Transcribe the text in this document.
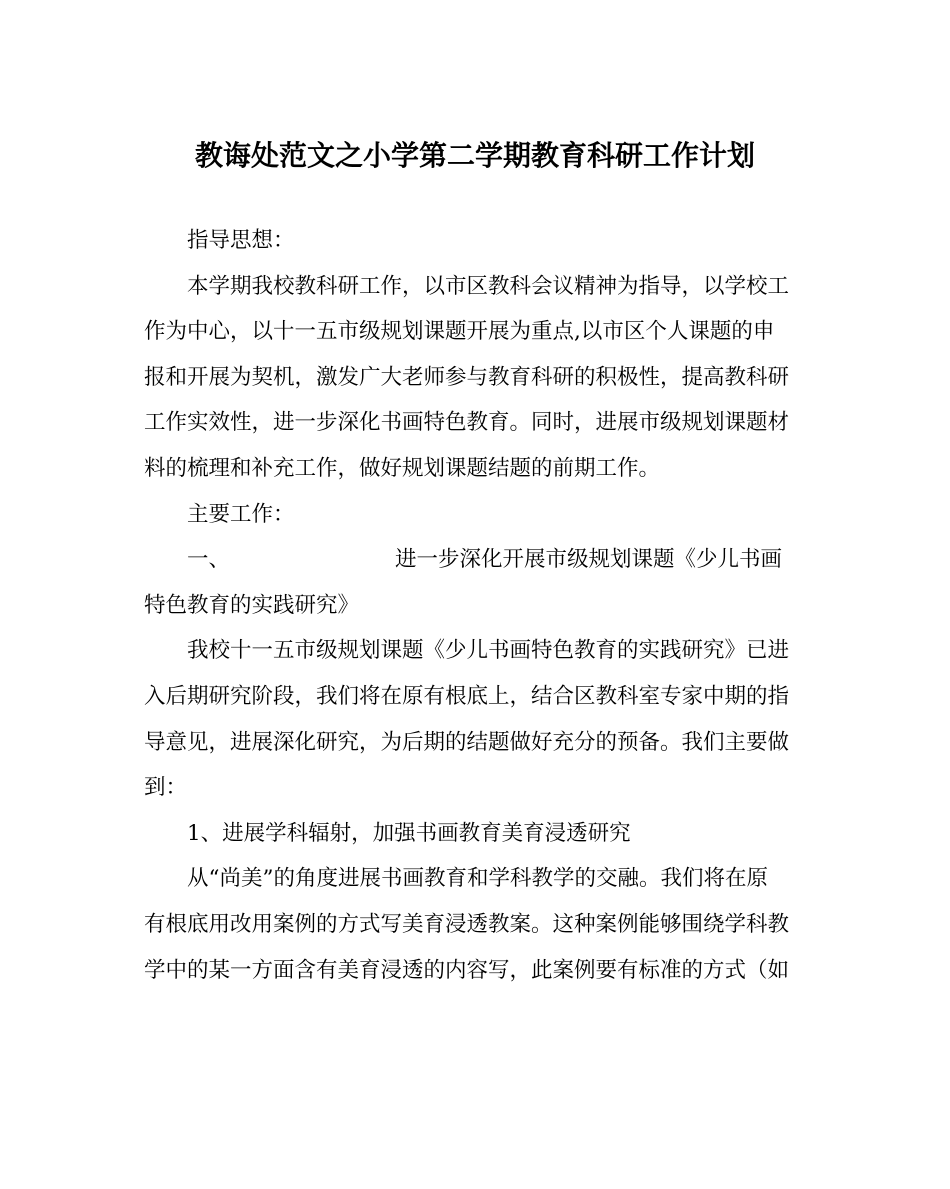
教诲处范文之小学第二学期教育科研工作计划
指导思想：
本学期我校教科研工作，以市区教科会议精神为指导，以学校工
作为中心，以十一五市级规划课题开展为重点,以市区个人课题的申
报和开展为契机，激发广大老师参与教育科研的积极性，提高教科研
工作实效性，进一步深化书画特色教育。同时，进展市级规划课题材
料的梳理和补充工作，做好规划课题结题的前期工作。
主要工作：
一、	进一步深化开展市级规划课题《少儿书画
特色教育的实践研究》
我校十一五市级规划课题《少儿书画特色教育的实践研究》已进
入后期研究阶段，我们将在原有根底上，结合区教科室专家中期的指
导意见，进展深化研究，为后期的结题做好充分的预备。我们主要做
到：
1、进展学科辐射，加强书画教育美育浸透研究
从“尚美”的角度进展书画教育和学科教学的交融。我们将在原
有根底用改用案例的方式写美育浸透教案。这种案例能够围绕学科教
学中的某一方面含有美育浸透的内容写，此案例要有标准的方式（如
